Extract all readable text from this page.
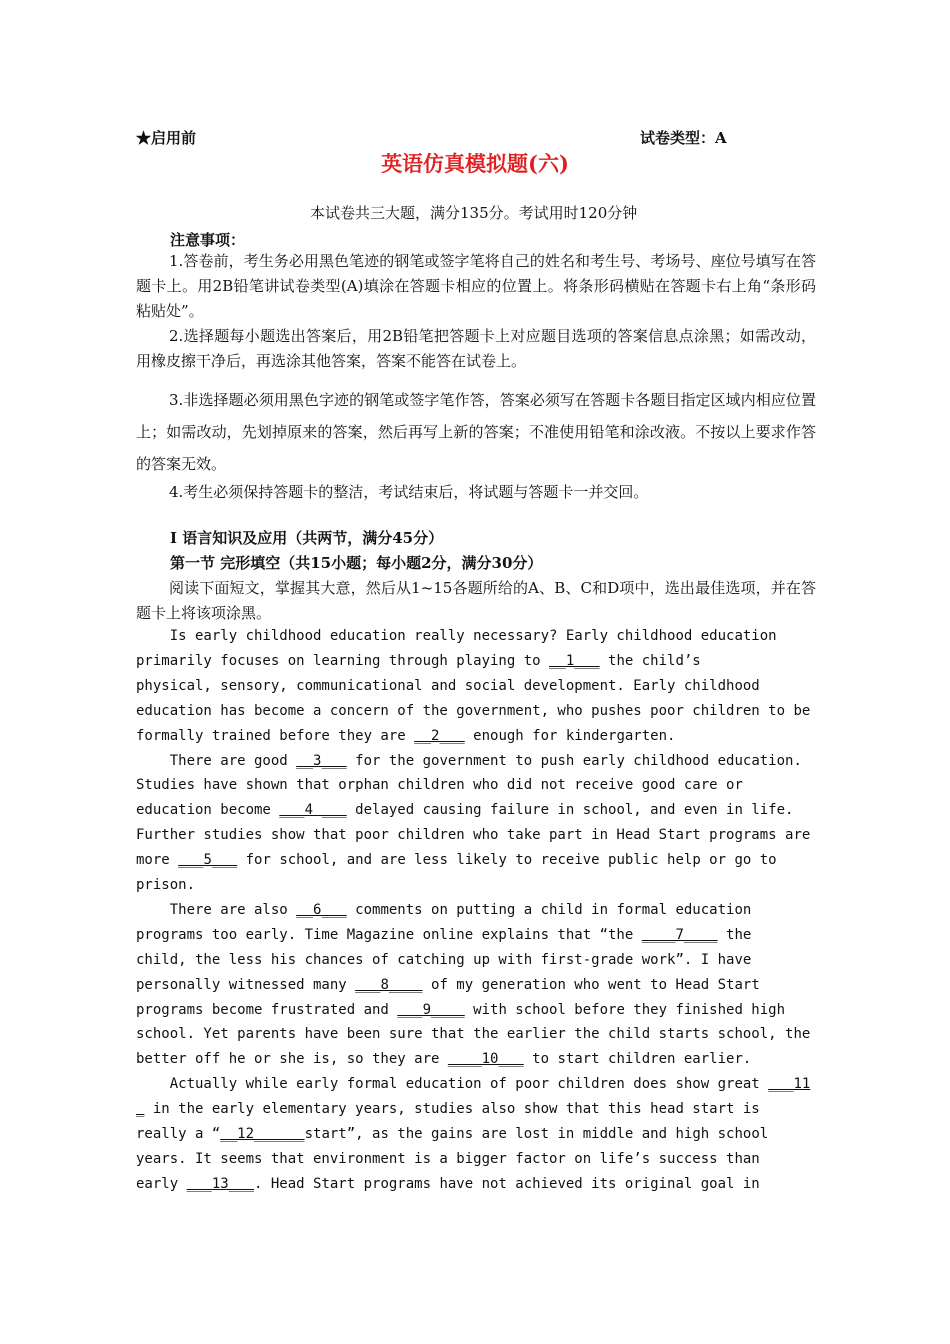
★启用前	试卷类型：A
英语仿真模拟题(六)
本试卷共三大题，满分135分。考试用时120分钟
注意事项：

1.答卷前，考生务必用黑色笔迹的钢笔或签字笔将自己的姓名和考生号、考场号、座位号填写在答题卡上。用2B铅笔讲试卷类型(A)填涂在答题卡相应的位置上。将条形码横贴在答题卡右上角“条形码粘贴处”。

2.选择题每小题选出答案后，用2B铅笔把答题卡上对应题目选项的答案信息点涂黑；如需改动，用橡皮擦干净后，再选涂其他答案，答案不能答在试卷上。

3.非选择题必须用黑色字迹的钢笔或签字笔作答，答案必须写在答题卡各题目指定区域内相应位置上；如需改动，先划掉原来的答案，然后再写上新的答案；不准使用铅笔和涂改液。不按以上要求作答的答案无效。

4.考生必须保持答题卡的整洁，考试结束后，将试题与答题卡一并交回。

I 语言知识及应用（共两节，满分45分）
第一节 完形填空（共15小题；每小题2分，满分30分）

阅读下面短文，掌握其大意，然后从1~15各题所给的A、B、C和D项中，选出最佳选项，并在答题卡上将该项涂黑。

Is early childhood education really necessary? Early childhood education
primarily focuses on learning through playing to __1___ the child’s
physical, sensory, communicational and social development. Early childhood
education has become a concern of the government, who pushes poor children to be
formally trained before they are __2___ enough for kindergarten.
There are good __3___ for the government to push early childhood education.
Studies have shown that orphan children who did not receive good care or
education become ___4 ___ delayed causing failure in school, and even in life.
Further studies show that poor children who take part in Head Start programs are
more ___5___ for school, and are less likely to receive public help or go to
prison.
There are also __6___ comments on putting a child in formal education
programs too early. Time Magazine online explains that “the ____7____ the
child, the less his chances of catching up with first-grade work”. I have
personally witnessed many ___8____ of my generation who went to Head Start
programs become frustrated and ___9____ with school before they finished high
school. Yet parents have been sure that the earlier the child starts school, the
better off he or she is, so they are ____10___ to start children earlier.
Actually while early formal education of poor children does show great ___11
_ in the early elementary years, studies also show that this head start is
really a “__12______start”, as the gains are lost in middle and high school
years. It seems that environment is a bigger factor on life’s success than
early ___13___. Head Start programs have not achieved its original goal in
